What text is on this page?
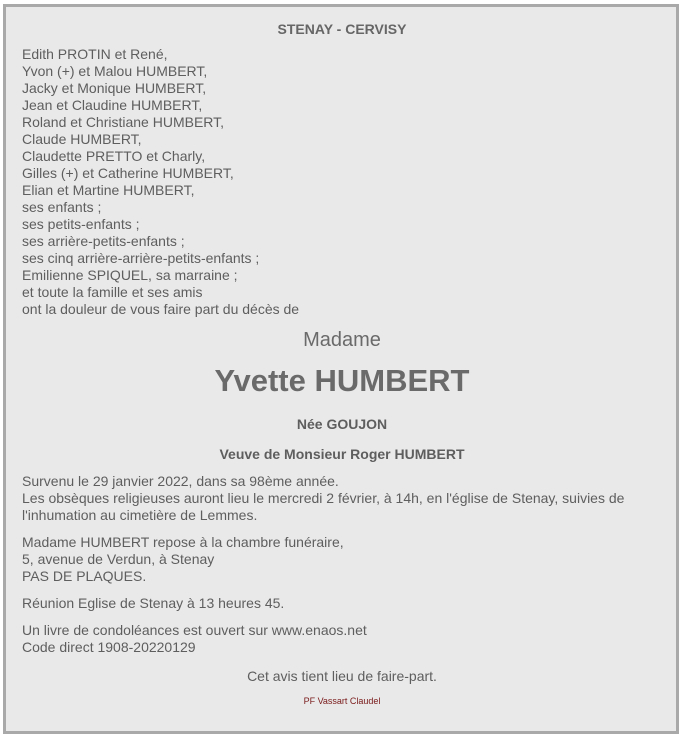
STENAY - CERVISY
Edith PROTIN et René,
Yvon (+) et Malou HUMBERT,
Jacky et Monique HUMBERT,
Jean et Claudine HUMBERT,
Roland et Christiane HUMBERT,
Claude HUMBERT,
Claudette PRETTO et Charly,
Gilles (+) et Catherine HUMBERT,
Elian et Martine HUMBERT,
ses enfants ;
ses petits-enfants ;
ses arrière-petits-enfants ;
ses cinq arrière-arrière-petits-enfants ;
Emilienne SPIQUEL, sa marraine ;
et toute la famille et ses amis
ont la douleur de vous faire part du décès de
Madame
Yvette HUMBERT
Née GOUJON
Veuve de Monsieur Roger HUMBERT
Survenu le 29 janvier 2022, dans sa 98ème année.
Les obsèques religieuses auront lieu le mercredi 2 février, à 14h, en l'église de Stenay, suivies de
l'inhumation au cimetière de Lemmes.
Madame HUMBERT repose à la chambre funéraire,
5, avenue de Verdun, à Stenay
PAS DE PLAQUES.
Réunion Eglise de Stenay à 13 heures 45.
Un livre de condoléances est ouvert sur www.enaos.net
Code direct 1908-20220129
Cet avis tient lieu de faire-part.
PF Vassart Claudel
